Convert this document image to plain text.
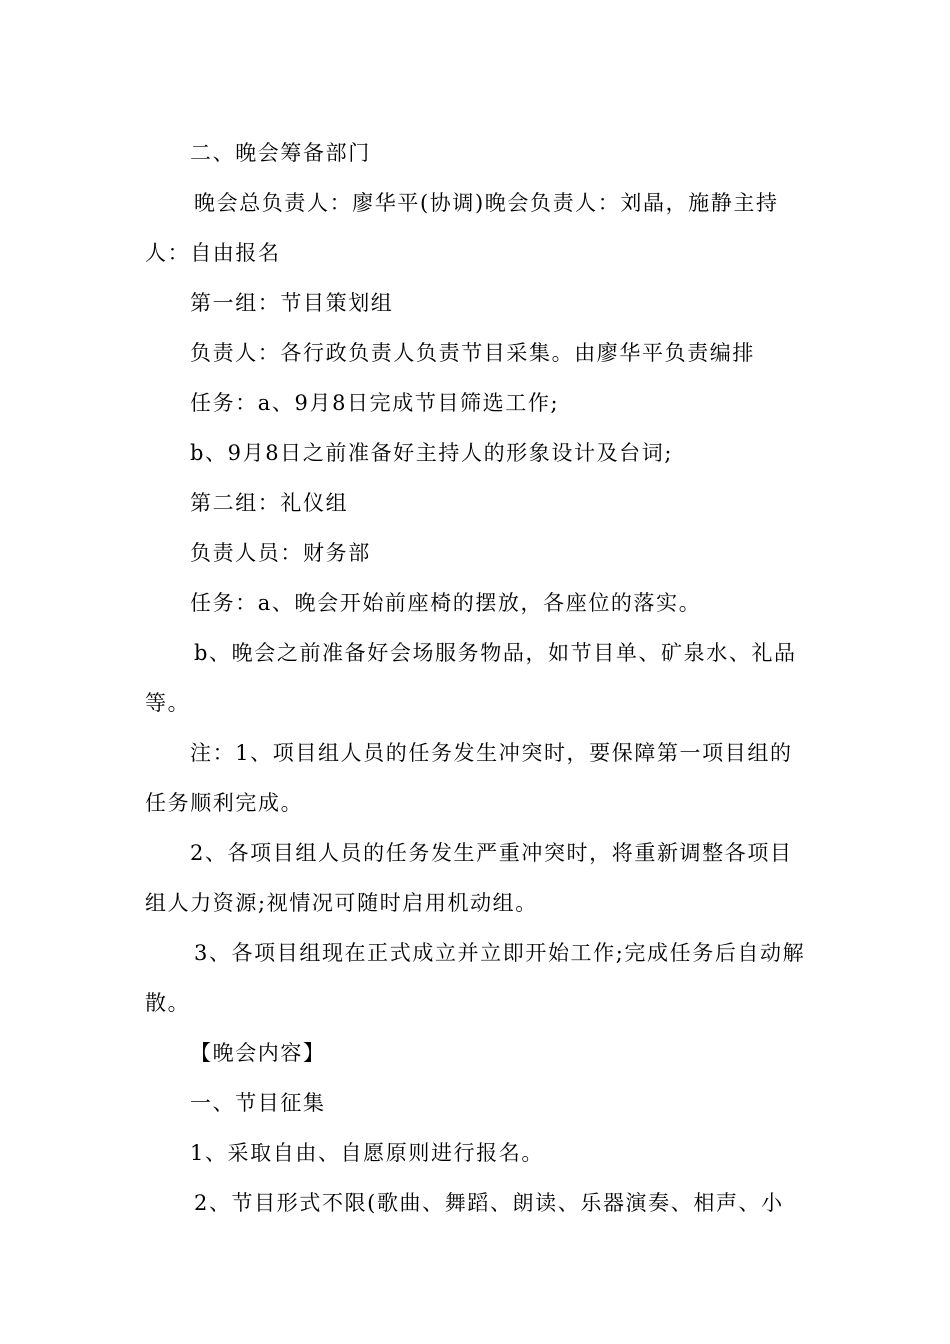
二、晚会筹备部门

晚会总负责人：廖华平(协调)晚会负责人：刘晶，施静主持人：自由报名

第一组：节目策划组

负责人：各行政负责人负责节目采集。由廖华平负责编排

任务：a、9月8日完成节目筛选工作;

b、9月8日之前准备好主持人的形象设计及台词;

第二组：礼仪组

负责人员：财务部

任务：a、晚会开始前座椅的摆放，各座位的落实。

b、晚会之前准备好会场服务物品，如节目单、矿泉水、礼品等。

注：1、项目组人员的任务发生冲突时，要保障第一项目组的任务顺利完成。

2、各项目组人员的任务发生严重冲突时，将重新调整各项目组人力资源;视情况可随时启用机动组。

3、各项目组现在正式成立并立即开始工作;完成任务后自动解散。

【晚会内容】

一、节目征集

1、采取自由、自愿原则进行报名。

2、节目形式不限(歌曲、舞蹈、朗读、乐器演奏、相声、小
